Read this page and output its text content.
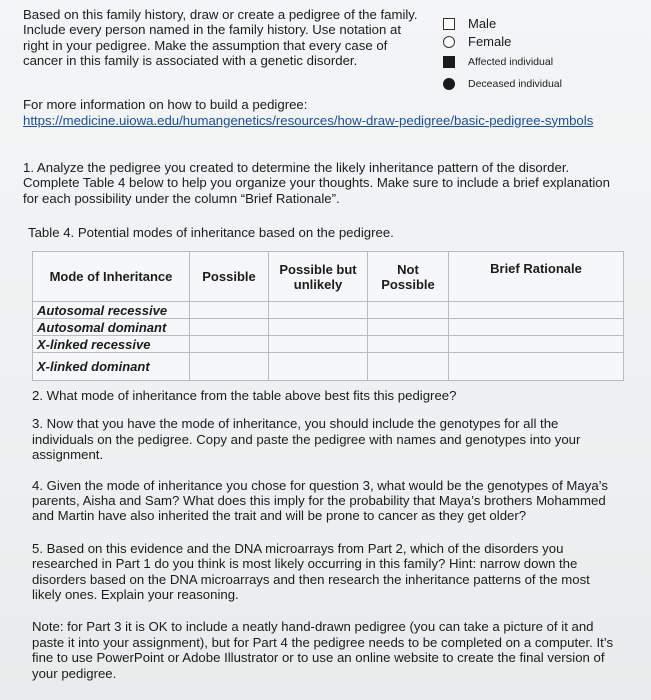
Based on this family history, draw or create a pedigree of the family. Include every person named in the family history. Use notation at right in your pedigree. Make the assumption that every case of cancer in this family is associated with a genetic disorder.
Male
Female
Affected individual
Deceased individual
For more information on how to build a pedigree:
https://medicine.uiowa.edu/humangenetics/resources/how-draw-pedigree/basic-pedigree-symbols
1. Analyze the pedigree you created to determine the likely inheritance pattern of the disorder. Complete Table 4 below to help you organize your thoughts. Make sure to include a brief explanation for each possibility under the column “Brief Rationale”.
Table 4. Potential modes of inheritance based on the pedigree.
Mode of Inheritance	Possible	Possible but unlikely	Not Possible	Brief Rationale
Autosomal recessive				
Autosomal dominant				
X-linked recessive				
X-linked dominant				

2. What mode of inheritance from the table above best fits this pedigree?

3. Now that you have the mode of inheritance, you should include the genotypes for all the individuals on the pedigree. Copy and paste the pedigree with names and genotypes into your assignment.

4. Given the mode of inheritance you chose for question 3, what would be the genotypes of Maya’s parents, Aisha and Sam? What does this imply for the probability that Maya’s brothers Mohammed and Martin have also inherited the trait and will be prone to cancer as they get older?

5. Based on this evidence and the DNA microarrays from Part 2, which of the disorders you researched in Part 1 do you think is most likely occurring in this family? Hint: narrow down the disorders based on the DNA microarrays and then research the inheritance patterns of the most likely ones. Explain your reasoning.

Note: for Part 3 it is OK to include a neatly hand-drawn pedigree (you can take a picture of it and paste it into your assignment), but for Part 4 the pedigree needs to be completed on a computer. It’s fine to use PowerPoint or Adobe Illustrator or to use an online website to create the final version of your pedigree.
